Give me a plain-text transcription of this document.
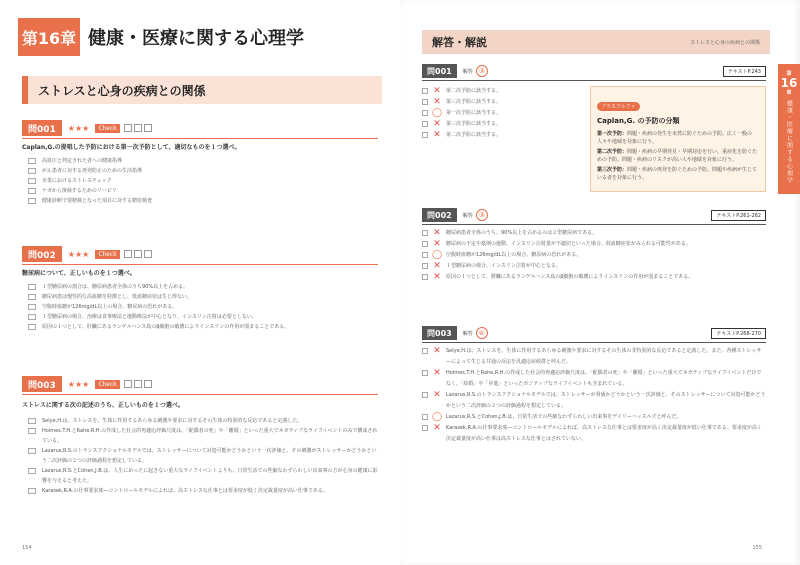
第16章 健康・医療に関する心理学
ストレスと心身の疾病との関係
問001	★★★	Check
Caplan,G.の提唱した予防における第一次予防として、適切なものを１つ選べ。
高血圧と判定された者への健康指導
がん患者に対する再発防止のための生活指導
企業におけるストレスチェック
ケガから復帰するためのリハビリ
健康診断で要精検となった項目に対する精密検査
問002	★★★	Check
糖尿病について、正しいものを１つ選べ。
１型糖尿病の割合は、糖尿病患者全体のうち90%以上を占める。
糖尿病患は慢性的な高血糖を特徴とし、低血糖症状は生じ得ない。
空腹時血糖が126mg/dL以上の場合、糖尿病の恐れがある。
１型糖尿病の場合、治療は食事療法と運動療法が中心となり、インスリン注射は必要としない。
原因の１つとして、肝臓にあるランゲルハンス島のβ細胞の破壊によりインスリンの作用が弱まることである。
問003	★★★	Check
ストレスに関する次の記述のうち、正しいものを１つ選べ。
Selye,H.は、ストレスを、生体に作用するあらゆる刺激や要求に対するその生体の特異的な反応であると定義した。
Holmes,T.H.とRahe,R.H.の作成した社会的再適応評価尺度は、「配偶者の死」や「離婚」といった重大でネガティブなライフイベントのみで構成されている。
Lazarus,R.S.のトランスアクショナルモデルでは、ストレッサーについて対処可能かどうかという一次評価と、その刺激がストレッサーかどうかという二次評価の２つの評価過程を想定している。
Lazarus,R.S.とCohen,J.B.は、人生にめったに起きない重大なライフイベントよりも、日常生活での些細なわずらわしい出来事の方が心身の健康に影響を与えると考えた。
Karasek,R.A.の仕事要求度―コントロールモデルによれば、高ストレスな仕事とは要求度が低く決定裁量度が高い仕事である。
154
解答・解説	ストレスと心身の疾病との関係
第
16
章
健康・医療に関する心理学
問001	解答 ③	テキストP.243
✕ 第二次予防に該当する。
✕ 第三次予防に該当する。
◯ 第一次予防に該当する。
✕ 第三次予防に該当する。
✕ 第二次予防に該当する。
プラスアルファ
Caplan,G. の予防の分類
第一次予防：問題・疾病の発生を未然に防ぐための予防。広く一般の人々や地域を対象に行う。
第二次予防：問題・疾病の早期発見・早期対応を行い、重症化を防ぐための予防。問題・疾病のリスクが高い人や地域を対象に行う。
第三次予防：問題・疾病の再発を防ぐための予防。問題や疾病が生じている者を対象に行う。
問002	解答 ③	テキストP.261-262
✕ 糖尿病患者全体のうち、90%以上を占めるのは２型糖尿病である。
✕ 糖尿病の不定や薬剤の運動、インスリン注射量が不適切といった場合、低血糖症状がみられる可能性がある。
◯ 空腹時血糖が126mg/dL以上の場合、糖尿病の恐れがある。
✕ １型糖尿病の場合、インスリン注射が中心となる。
✕ 原因の１つとして、膵臓にあるランゲルハンス島のβ細胞の破壊によりインスリンの作用が弱まることである。
問003	解答 ④	テキストP.268-270
✕ Selye,H.は、ストレスを、生体に作用するあらゆる刺激や要求に対するその生体の非特異的な反応であると定義した。また、各種ストレッサーによって生じる共通の反応を汎適応症候群と呼んだ。
✕ Holmes,T.H.とRahe,R.H.の作成した社会的再適応評価尺度は、「配偶者の死」や「離婚」といった重大でネガティブなライフイベントだけでなく、「結婚」や「昇進」といったポジティブなライフイベントも含まれている。
✕ Lazarus,R.S.のトランスアクショナルモデルでは、ストレッサーが脅威かどうかという一次評価と、そのストレッサーについて対処可能かどうかという二次評価の２つの評価過程を想定している。
◯ Lazarus,R.S.とCohen,J.B.は、日常生活での些細なわずらわしい出来事をデイリーハッスルズと呼んだ。
✕ Karasek,R.A.の仕事要求度―コントロールモデルによれば、高ストレスな仕事とは要求度が高く決定裁量度が低い仕事である。要求度が高く決定裁量度が高い仕事は高ストレスな仕事とはされていない。
155
